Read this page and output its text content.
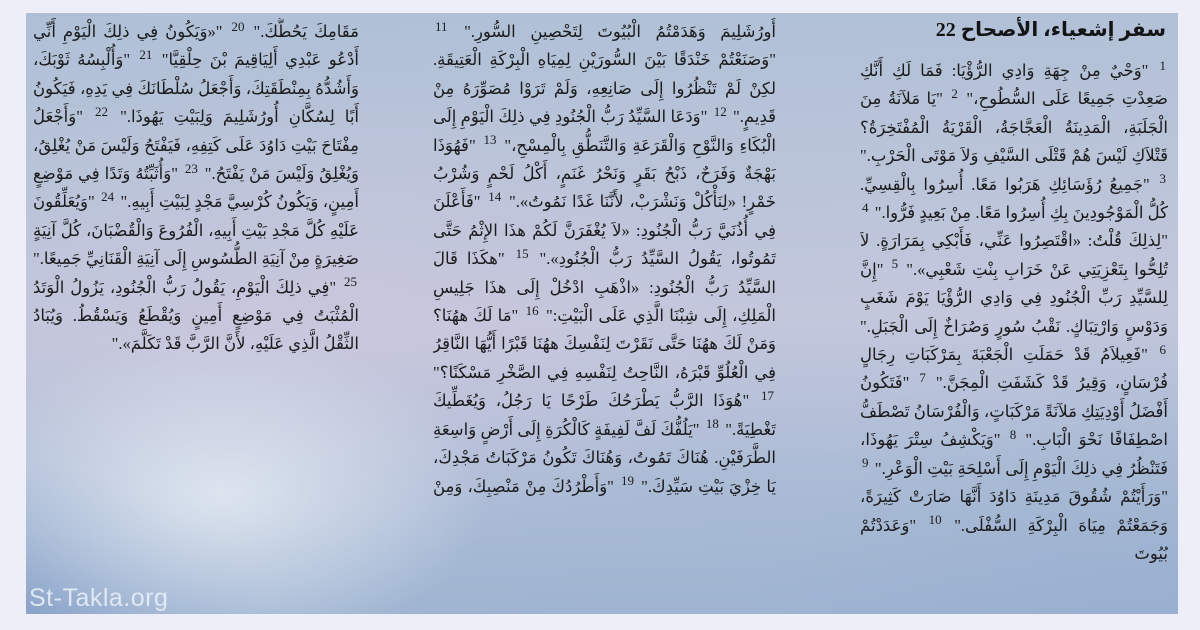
سفر إشعياء، الأصحاح 22
$^1$ "وَحْيٌ مِنْ جِهَةِ وَادِي الرُّؤْيَا: فَمَا لَكِ أَنَّكِ صَعِدْتِ جَمِيعًا عَلَى السُّطُوحِ،" $^2$ "يَا مَلآنَةُ مِنَ الْجَلَبَةِ، الْمَدِينَةُ الْعَجَّاجَةُ، الْقَرْيَةُ الْمُفْتَخِرَةُ؟ قَتْلاَكِ لَيْسَ هُمْ قَتْلَى السَّيْفِ وَلاَ مَوْتَى الْحَرْبِ." $^3$ "جَمِيعُ رُؤَسَائِكِ هَرَبُوا مَعًا. أُسِرُوا بِالْقِسِيِّ. كُلُّ الْمَوْجُودِينَ بِكِ أُسِرُوا مَعًا. مِنْ بَعِيدٍ فَرُّوا." $^4$ "لِذلِكَ قُلْتُ: «اقْتَصِرُوا عَنِّي، فَأَبْكِي بِمَرَارَةٍ. لاَ تُلِحُّوا بِتَعْزِيَتِي عَنْ خَرَابِ بِنْتِ شَعْبِي»." $^5$ "إِنَّ لِلسَّيِّدِ رَبِّ الْجُنُودِ فِي وَادِي الرُّؤْيَا يَوْمَ شَغَبٍ وَدَوْسٍ وَارْتِبَاكٍ. نَقْبُ سُورٍ وَصُرَاخٌ إِلَى الْجَبَلِ." $^6$ "فَعِيلاَمُ قَدْ حَمَلَتِ الْجَعْبَةَ بِمَرْكَبَاتِ رِجَالٍ فُرْسَانٍ، وَقِيرُ قَدْ كَشَفَتِ الْمِجَنَّ." $^7$ "فَتَكُونُ أَفْضَلُ أَوْدِيَتِكِ مَلآنَةً مَرْكَبَاتٍ، وَالْفُرْسَانُ تَصْطَفُّ اصْطِفَافًا نَحْوَ الْبَابِ." $^8$ "وَيَكْشِفُ سِتْرَ يَهُوذَا، فَتَنْظُرُ فِي ذلِكَ الْيَوْمِ إِلَى أَسْلِحَةِ بَيْتِ الْوَعْرِ." $^9$ "وَرَأَيْتُمْ شُقُوقَ مَدِينَةِ دَاوُدَ أَنَّهَا صَارَتْ كَثِيرَةً، وَجَمَعْتُمْ مِيَاهَ الْبِرْكَةِ السُّفْلَى." $^{10}$ "وَعَدَدْتُمْ بُيُوتَ
أُورُشَلِيمَ وَهَدَمْتُمُ الْبُيُوتَ لِتَحْصِينِ السُّورِ." $^{11}$ "وَصَنَعْتُمْ خَنْدَقًا بَيْنَ السُّورَيْنِ لِمِيَاهِ الْبِرْكَةِ الْعَتِيقَةِ. لكِنْ لَمْ تَنْظُرُوا إِلَى صَانِعِهِ، وَلَمْ تَرَوْا مُصَوِّرَهُ مِنْ قَدِيمٍ." $^{12}$ "وَدَعَا السَّيِّدُ رَبُّ الْجُنُودِ فِي ذلِكَ الْيَوْمِ إِلَى الْبُكَاءِ وَالنَّوْحِ وَالْقَرَعَةِ وَالتَّنَطُّقِ بِالْمِسْحِ،" $^{13}$ "فَهُوَذَا بَهْجَةٌ وَفَرَحٌ، ذَبْحُ بَقَرٍ وَنَحْرُ غَنَمٍ، أَكْلُ لَحْمٍ وَشُرْبُ خَمْرٍ! «لِنَأْكُلْ وَنَشْرَبْ، لأَنَّنَا غَدًا نَمُوتُ»." $^{14}$ "فَأَعْلَنَ فِي أُذُنَيَّ رَبُّ الْجُنُودِ: «لاَ يُغْفَرَنَّ لَكُمْ هذَا الإِثْمُ حَتَّى تَمُوتُوا، يَقُولُ السَّيِّدُ رَبُّ الْجُنُودِ»." $^{15}$ "هكَذَا قَالَ السَّيِّدُ رَبُّ الْجُنُودِ: «اذْهَبِ ادْخُلْ إِلَى هذَا جَلِيسِ الْمَلِكِ، إِلَى شِبْنَا الَّذِي عَلَى الْبَيْتِ:" $^{16}$ "مَا لَكَ ههُنَا؟ وَمَنْ لَكَ ههُنَا حَتَّى نَقَرْتَ لِنَفْسِكَ ههُنَا قَبْرًا أَيُّهَا النَّاقِرُ فِي الْعُلُوِّ قَبْرَهُ، النَّاحِتُ لِنَفْسِهِ فِي الصَّخْرِ مَسْكَنًا؟" $^{17}$ "هُوَذَا الرَّبُّ يَطْرَحُكَ طَرْحًا يَا رَجُلُ، وَيُغَطِّيكَ تَغْطِيَةً." $^{18}$ "يَلُفُّكَ لَفَّ لَفِيفَةٍ كَالْكُرَةِ إِلَى أَرْضٍ وَاسِعَةِ الطَّرَفَيْنِ. هُنَاكَ تَمُوتُ، وَهُنَاكَ تَكُونُ مَرْكَبَاتُ مَجْدِكَ، يَا خِزْيَ بَيْتِ سَيِّدِكَ." $^{19}$ "وَأَطْرُدُكَ مِنْ مَنْصِبِكَ، وَمِنْ
مَقَامِكَ يَحُطُّكَ." $^{20}$ "«وَيَكُونُ فِي ذلِكَ الْيَوْمِ أَنِّي أَدْعُو عَبْدِي أَلِيَاقِيمَ بْنَ حِلْقِيَّا" $^{21}$ "وَأُلْبِسُهُ ثَوْبَكَ، وَأَشُدُّهُ بِمِنْطَقَتِكَ، وَأَجْعَلُ سُلْطَانَكَ فِي يَدِهِ، فَيَكُونُ أَبًا لِسُكَّانِ أُورُشَلِيمَ وَلِبَيْتِ يَهُوذَا." $^{22}$ "وَأَجْعَلُ مِفْتَاحَ بَيْتِ دَاوُدَ عَلَى كَتِفِهِ، فَيَفْتَحُ وَلَيْسَ مَنْ يُغْلِقُ، وَيُغْلِقُ وَلَيْسَ مَنْ يَفْتَحُ." $^{23}$ "وَأُثَبِّتُهُ وَتَدًا فِي مَوْضِعٍ أَمِينٍ، وَيَكُونُ كُرْسِيَّ مَجْدٍ لِبَيْتِ أَبِيهِ." $^{24}$ "وَيُعَلِّقُونَ عَلَيْهِ كُلَّ مَجْدِ بَيْتِ أَبِيهِ، الْفُرُوعَ وَالْقُضْبَانَ، كُلَّ آنِيَةٍ صَغِيرَةٍ مِنْ آنِيَةِ الطُّسُوسِ إِلَى آنِيَةِ الْقَنَانِيِّ جَمِيعًا." $^{25}$ "فِي ذلِكَ الْيَوْمِ، يَقُولُ رَبُّ الْجُنُودِ، يَزُولُ الْوَتَدُ الْمُثْبَتُ فِي مَوْضِعٍ أَمِينٍ وَيُقْطَعُ وَيَسْقُطُ. وَيُبَادُ الثِّقْلُ الَّذِي عَلَيْهِ، لأَنَّ الرَّبَّ قَدْ تَكَلَّمَ»."
St-Takla.org
